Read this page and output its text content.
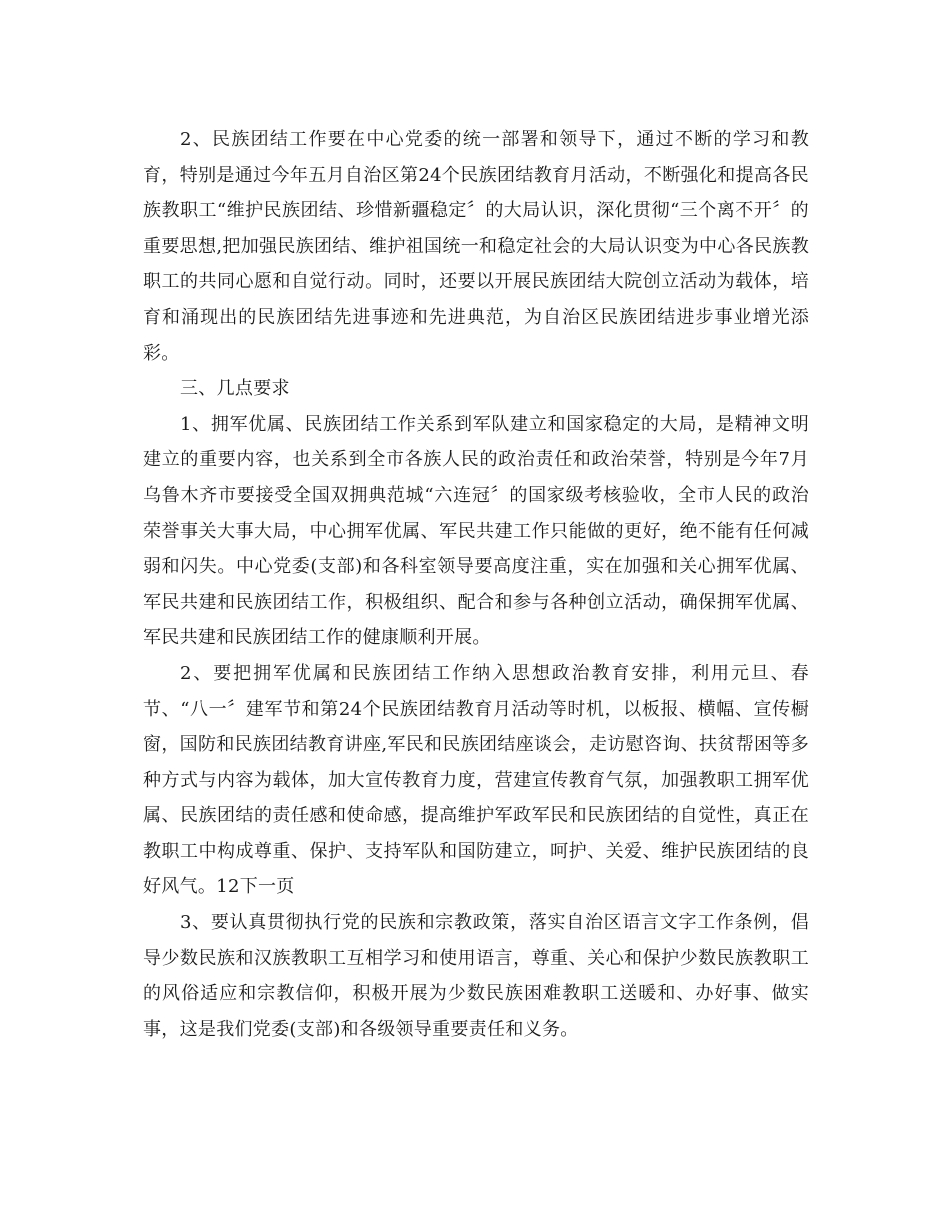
2、民族团结工作要在中心党委的统一部署和领导下，通过不断的学习和教育，特别是通过今年五月自治区第24个民族团结教育月活动，不断强化和提高各民族教职工“维护民族团结、珍惜新疆稳定〞的大局认识，深化贯彻“三个离不开〞的重要思想,把加强民族团结、维护祖国统一和稳定社会的大局认识变为中心各民族教职工的共同心愿和自觉行动。同时，还要以开展民族团结大院创立活动为载体，培育和涌现出的民族团结先进事迹和先进典范，为自治区民族团结进步事业增光添彩。

三、几点要求

1、拥军优属、民族团结工作关系到军队建立和国家稳定的大局，是精神文明建立的重要内容，也关系到全市各族人民的政治责任和政治荣誉，特别是今年7月乌鲁木齐市要接受全国双拥典范城“六连冠〞的国家级考核验收，全市人民的政治荣誉事关大事大局，中心拥军优属、军民共建工作只能做的更好，绝不能有任何减弱和闪失。中心党委(支部)和各科室领导要高度注重，实在加强和关心拥军优属、军民共建和民族团结工作，积极组织、配合和参与各种创立活动，确保拥军优属、军民共建和民族团结工作的健康顺利开展。

2、要把拥军优属和民族团结工作纳入思想政治教育安排，利用元旦、春节、“八一〞建军节和第24个民族团结教育月活动等时机，以板报、横幅、宣传橱窗，国防和民族团结教育讲座,军民和民族团结座谈会，走访慰咨询、扶贫帮困等多种方式与内容为载体，加大宣传教育力度，营建宣传教育气氛，加强教职工拥军优属、民族团结的责任感和使命感，提高维护军政军民和民族团结的自觉性，真正在教职工中构成尊重、保护、支持军队和国防建立，呵护、关爱、维护民族团结的良好风气。12下一页

3、要认真贯彻执行党的民族和宗教政策，落实自治区语言文字工作条例，倡导少数民族和汉族教职工互相学习和使用语言，尊重、关心和保护少数民族教职工的风俗适应和宗教信仰，积极开展为少数民族困难教职工送暖和、办好事、做实事，这是我们党委(支部)和各级领导重要责任和义务。
